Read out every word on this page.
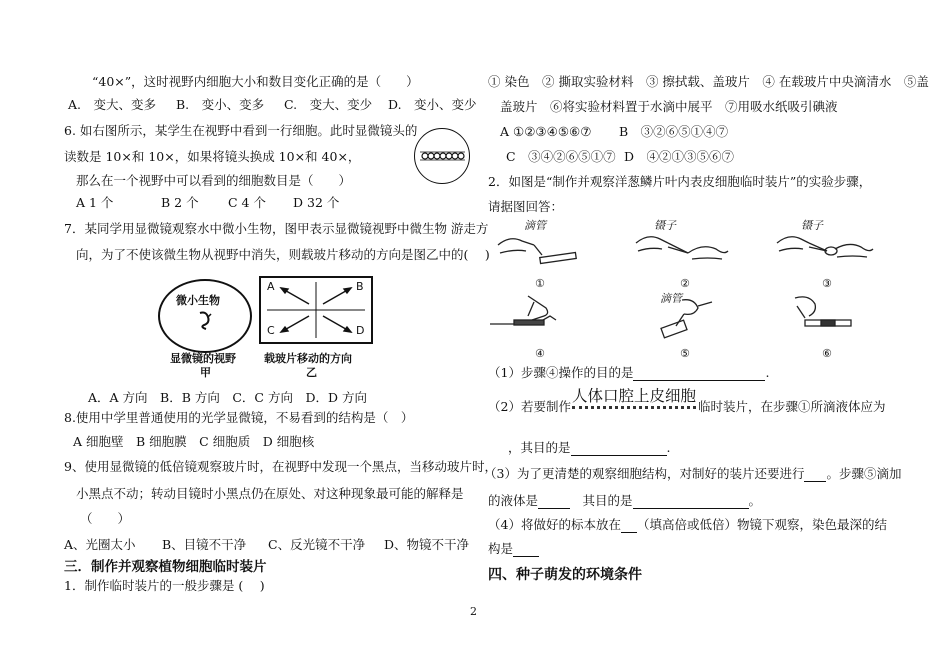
“40×”，这时视野内细胞大小和数目变化正确的是（　　）
A.　变大、变多 B.　变小、变多 C.　变大、变少 D.　变小、变少
6. 如右图所示，某学生在视野中看到一行细胞。此时显微镜头的
读数是 10×和 10×，如果将镜头换成 10×和 40×，
那么在一个视野中可以看到的细胞数目是（　　）
A 1 个	B 2 个 C 4 个 D 32 个
7．某同学用显微镜观察水中微小生物，图甲表示显微镜视野中微生物 游走方
向，为了不使该微生物从视野中消失，则载玻片移动的方向是图乙中的(　 )
微小生物
显微镜的视野
甲
A	B
C	D
载玻片移动的方向
乙
A．A 方向　B．B 方向　C．C 方向　D．D 方向
8.使用中学里普通使用的光学显微镜，不易看到的结构是（　）
A 细胞壁　B 细胞膜　C 细胞质　D 细胞核
9、使用显微镜的低倍镜观察玻片时，在视野中发现一个黑点，当移动玻片时，
小黑点不动；转动目镜时小黑点仍在原处、对这种现象最可能的解释是
（　　）
A、光圈太小 B、目镜不干净 C、反光镜不干净 D、物镜不干净
三．制作并观察植物细胞临时装片
1．制作临时装片的一般步骤是 (　 )
① 染色　② 撕取实验材料　③ 擦拭载、盖玻片　④ 在载玻片中央滴清水　⑤盖
盖玻片　⑥将实验材料置于水滴中展平　⑦用吸水纸吸引碘液
A ①②③④⑤⑥⑦ B　③②⑥⑤①④⑦
C　③④②⑥⑤①⑦ D　④②①③⑤⑥⑦
2．如图是“制作并观察洋葱鳞片叶内表皮细胞临时装片”的实验步骤，
请据图回答：
滴管
①
镊子
②
镊子
③
④
滴管
⑤	⑥
（1）步骤④操作的目的是	.
（2）若要制作
人体口腔上皮细胞
临时装片，在步骤①所滴液体应为
，其目的是	.
（3）为了更清楚的观察细胞结构，对制好的装片还要进行 。步骤⑤滴加
的液体是　	其目的是	。
（4）将做好的标本放在 （填高倍或低倍）物镜下观察，染色最深的结
构是
四、种子萌发的环境条件
2
